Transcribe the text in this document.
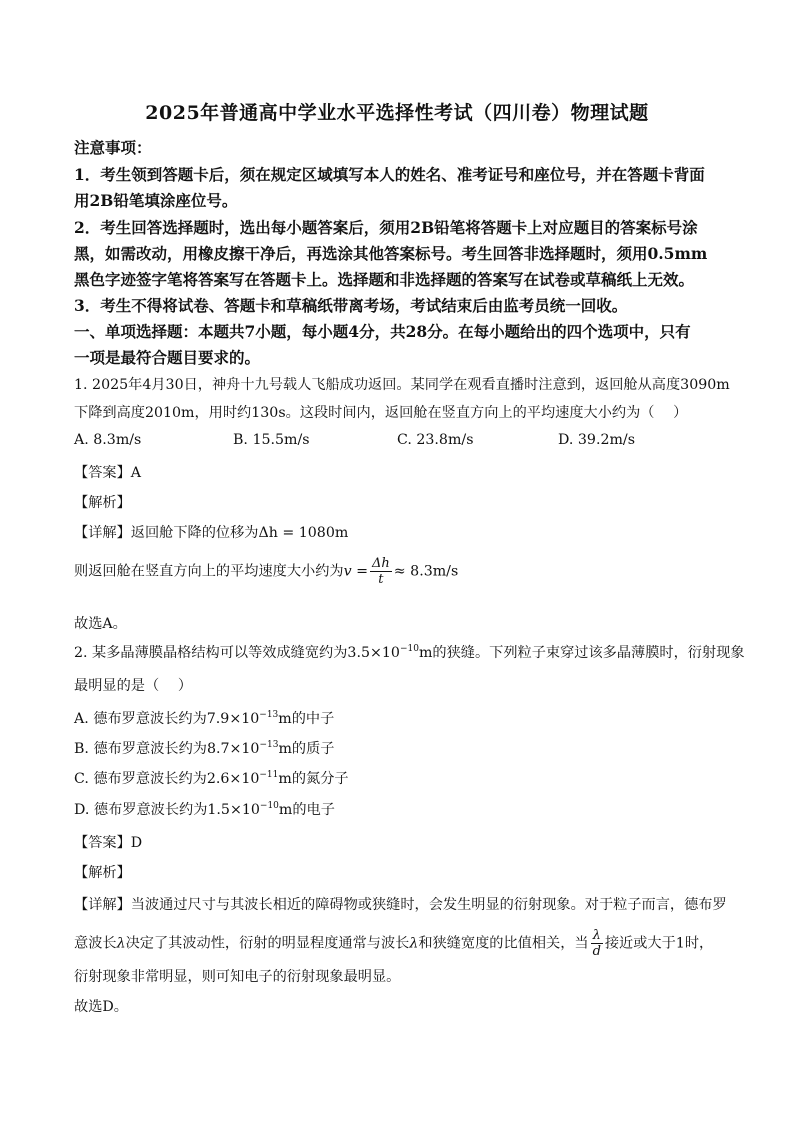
2025年普通高中学业水平选择性考试（四川卷）物理试题
注意事项：
1．考生领到答题卡后，须在规定区域填写本人的姓名、准考证号和座位号，并在答题卡背面
用2B铅笔填涂座位号。
2．考生回答选择题时，选出每小题答案后，须用2B铅笔将答题卡上对应题目的答案标号涂
黑，如需改动，用橡皮擦干净后，再选涂其他答案标号。考生回答非选择题时，须用0.5mm
黑色字迹签字笔将答案写在答题卡上。选择题和非选择题的答案写在试卷或草稿纸上无效。
3．考生不得将试卷、答题卡和草稿纸带离考场，考试结束后由监考员统一回收。
一、单项选择题：本题共7小题，每小题4分，共28分。在每小题给出的四个选项中，只有
一项是最符合题目要求的。
1. 2025年4月30日，神舟十九号载人飞船成功返回。某同学在观看直播时注意到，返回舱从高度3090m
下降到高度2010m，用时约130s。这段时间内，返回舱在竖直方向上的平均速度大小约为（　 ）
A. 8.3m/s	B. 15.5m/s	C. 23.8m/s	D. 39.2m/s
【答案】A
【解析】
【详解】返回舱下降的位移为Δh = 1080m
则返回舱在竖直方向上的平均速度大小约为$v = \frac{\Delta h}{t} \approx 8.3m/s$
故选A。
2. 某多晶薄膜晶格结构可以等效成缝宽约为$3.5\times 10^{-10}m$的狭缝。下列粒子束穿过该多晶薄膜时，衍射现象
最明显的是（　 ）
A. 德布罗意波长约为$7.9\times 10^{-13}m$的中子
B. 德布罗意波长约为$8.7\times 10^{-13}m$的质子
C. 德布罗意波长约为$2.6\times 10^{-11}m$的氮分子
D. 德布罗意波长约为$1.5\times 10^{-10}m$的电子
【答案】D
【解析】
【详解】当波通过尺寸与其波长相近的障碍物或狭缝时，会发生明显的衍射现象。对于粒子而言，德布罗
意波长λ决定了其波动性，衍射的明显程度通常与波长λ和狭缝宽度的比值相关，当 $\frac{\lambda}{d}$ 接近或大于1时，
衍射现象非常明显，则可知电子的衍射现象最明显。
故选D。
